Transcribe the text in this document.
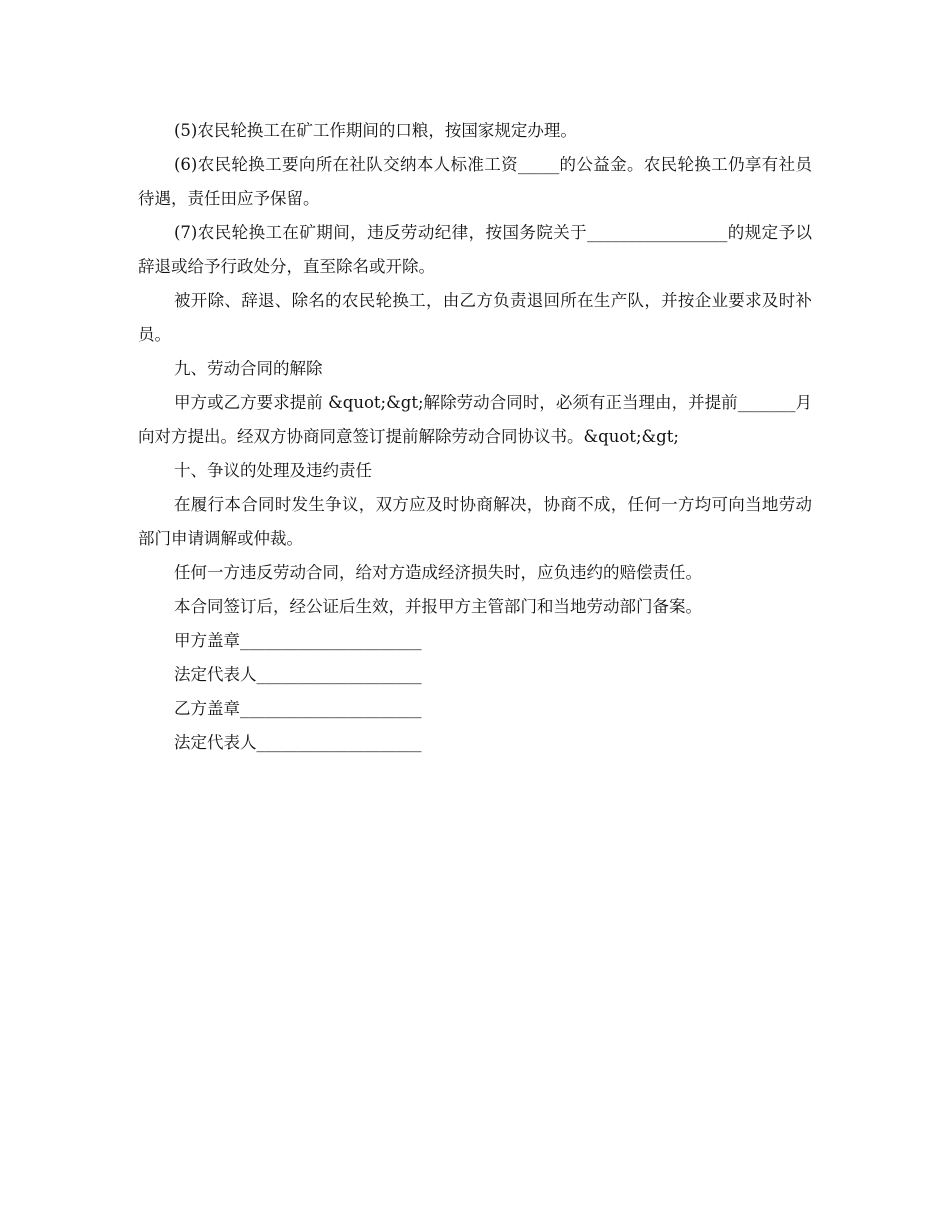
(5)农民轮换工在矿工作期间的口粮，按国家规定办理。

(6)农民轮换工要向所在社队交纳本人标准工资_____的公益金。农民轮换工仍享有社员待遇，责任田应予保留。

(7)农民轮换工在矿期间，违反劳动纪律，按国务院关于_________________的规定予以辞退或给予行政处分，直至除名或开除。

被开除、辞退、除名的农民轮换工，由乙方负责退回所在生产队，并按企业要求及时补员。

九、劳动合同的解除

甲方或乙方要求提前 &quot;&gt;解除劳动合同时，必须有正当理由，并提前_______月向对方提出。经双方协商同意签订提前解除劳动合同协议书。&quot;&gt;

十、争议的处理及违约责任

在履行本合同时发生争议，双方应及时协商解决，协商不成，任何一方均可向当地劳动部门申请调解或仲裁。

任何一方违反劳动合同，给对方造成经济损失时，应负违约的赔偿责任。

本合同签订后，经公证后生效，并报甲方主管部门和当地劳动部门备案。

甲方盖章______________________

法定代表人____________________

乙方盖章______________________

法定代表人____________________
